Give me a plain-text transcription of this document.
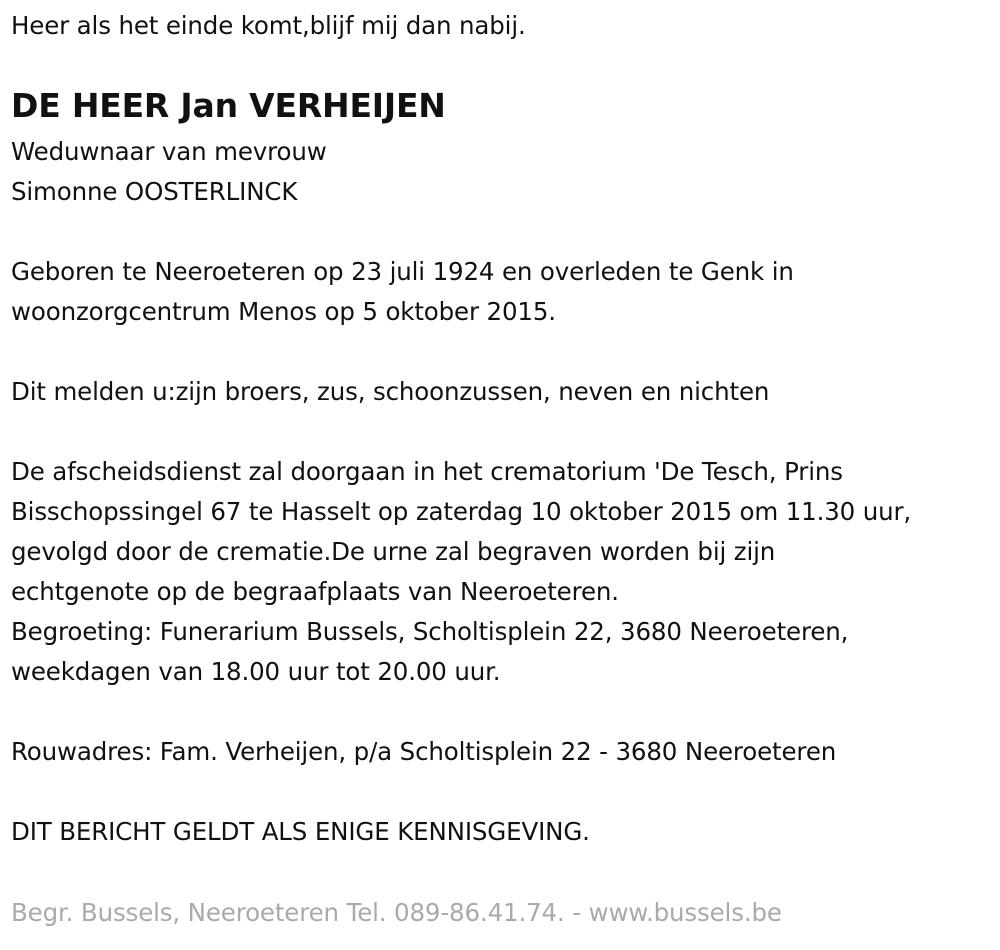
Heer als het einde komt,blijf mij dan nabij.

DE HEER Jan VERHEIJEN

Weduwnaar van mevrouw

Simonne OOSTERLINCK

Geboren te Neeroeteren op 23 juli 1924 en overleden te Genk in

woonzorgcentrum Menos op 5 oktober 2015.

Dit melden u:zijn broers, zus, schoonzussen, neven en nichten

De afscheidsdienst zal doorgaan in het crematorium 'De Tesch, Prins

Bisschopssingel 67 te Hasselt op zaterdag 10 oktober 2015 om 11.30 uur,

gevolgd door de crematie.De urne zal begraven worden bij zijn

echtgenote op de begraafplaats van Neeroeteren.

Begroeting: Funerarium Bussels, Scholtisplein 22, 3680 Neeroeteren,

weekdagen van 18.00 uur tot 20.00 uur.

Rouwadres: Fam. Verheijen, p/a Scholtisplein 22 - 3680 Neeroeteren

DIT BERICHT GELDT ALS ENIGE KENNISGEVING.

Begr. Bussels, Neeroeteren Tel. 089-86.41.74. - www.bussels.be
